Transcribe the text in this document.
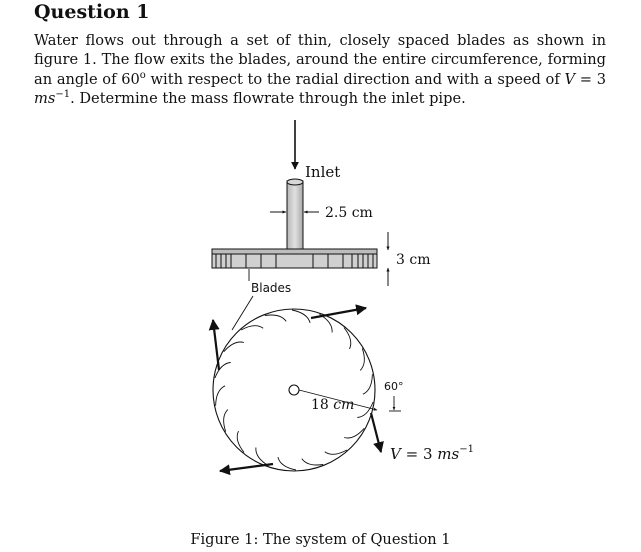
Question 1

Water flows out through a set of thin, closely spaced blades as shown in figure 1. The flow exits the blades, around the entire circumference, forming an angle of 60$^o$ with respect to the radial direction and with a speed of V = 3 $ms^{-1}$. Determine the mass flowrate through the inlet pipe.

Inlet
2.5 cm
3 cm
Blades
18 cm
60°
V = 3 $ms^{-1}$

Figure 1: The system of Question 1
